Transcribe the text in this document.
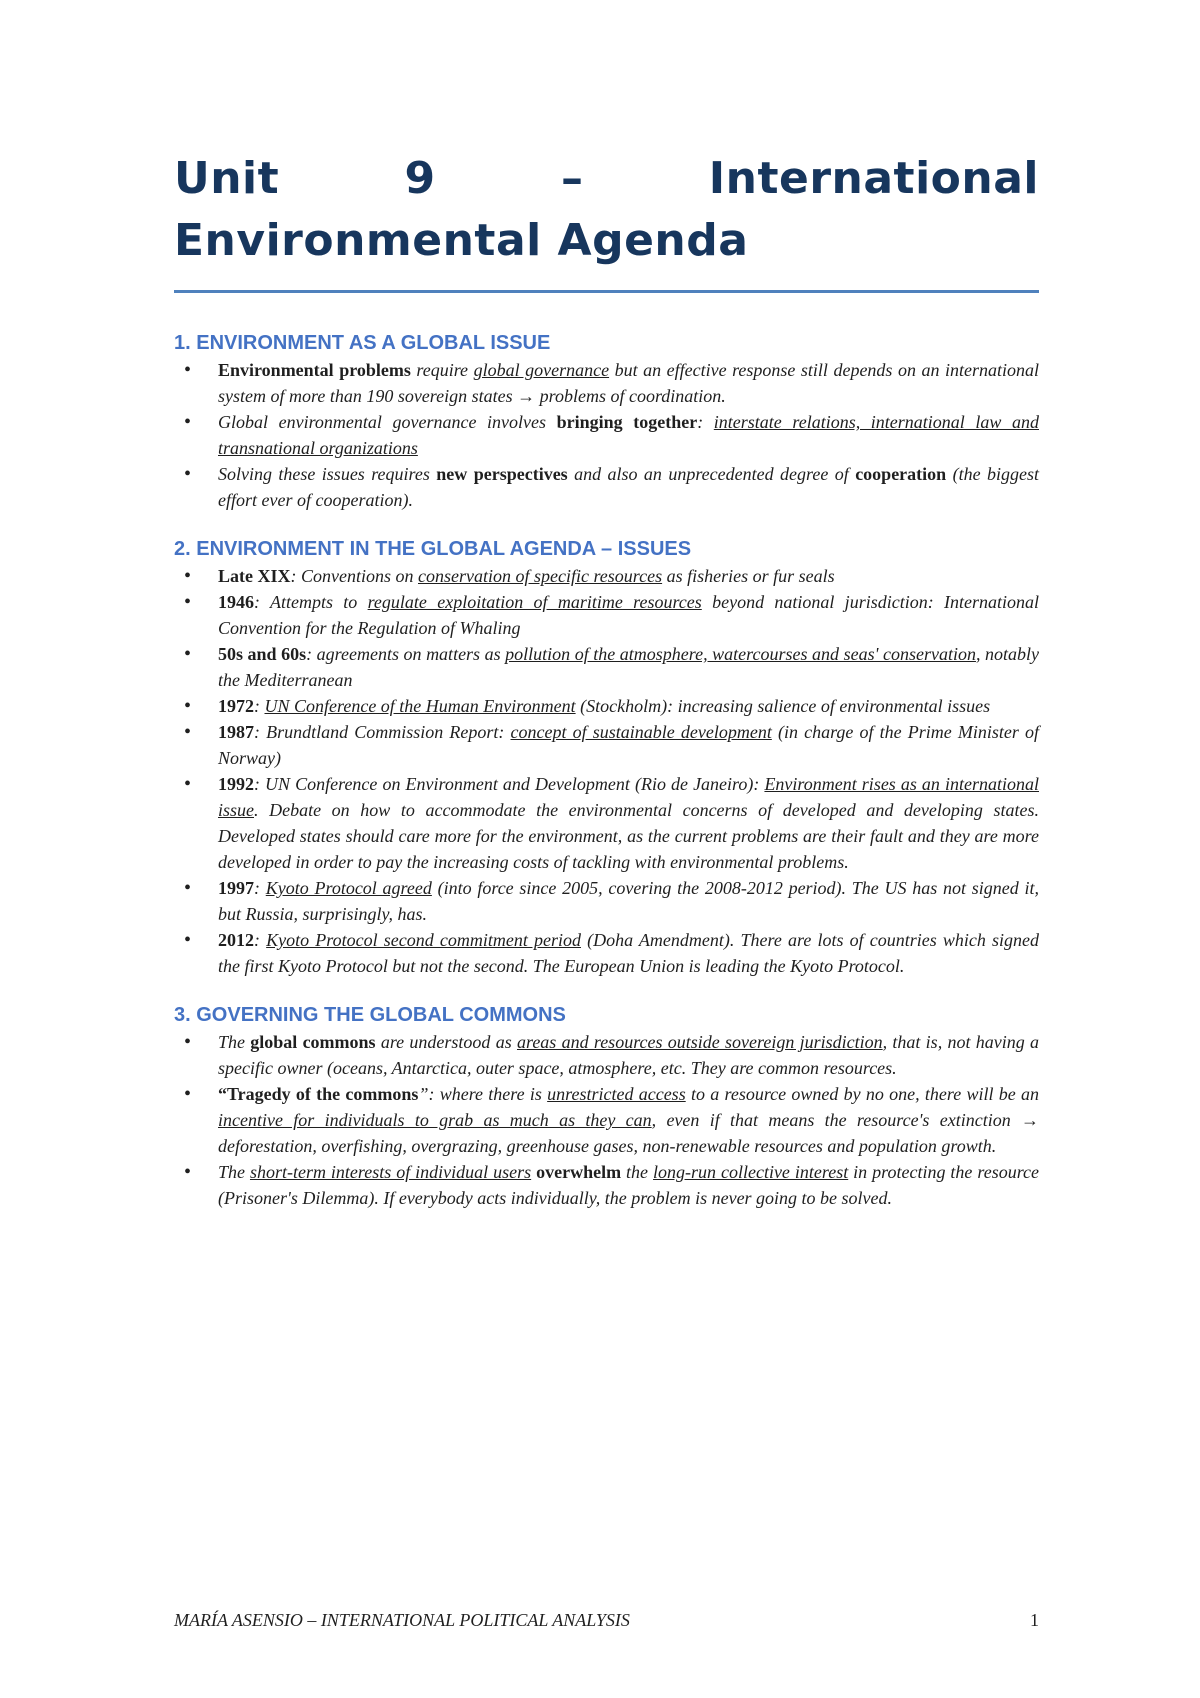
Unit 9 – International Environmental Agenda
1. ENVIRONMENT AS A GLOBAL ISSUE
• Environmental problems require global governance but an effective response still depends on an international system of more than 190 sovereign states → problems of coordination.
• Global environmental governance involves bringing together: interstate relations, international law and transnational organizations
• Solving these issues requires new perspectives and also an unprecedented degree of cooperation (the biggest effort ever of cooperation).
2. ENVIRONMENT IN THE GLOBAL AGENDA – ISSUES
• Late XIX: Conventions on conservation of specific resources as fisheries or fur seals
• 1946: Attempts to regulate exploitation of maritime resources beyond national jurisdiction: International Convention for the Regulation of Whaling
• 50s and 60s: agreements on matters as pollution of the atmosphere, watercourses and seas' conservation, notably the Mediterranean
• 1972: UN Conference of the Human Environment (Stockholm): increasing salience of environmental issues
• 1987: Brundtland Commission Report: concept of sustainable development (in charge of the Prime Minister of Norway)
• 1992: UN Conference on Environment and Development (Rio de Janeiro): Environment rises as an international issue. Debate on how to accommodate the environmental concerns of developed and developing states. Developed states should care more for the environment, as the current problems are their fault and they are more developed in order to pay the increasing costs of tackling with environmental problems.
• 1997: Kyoto Protocol agreed (into force since 2005, covering the 2008-2012 period). The US has not signed it, but Russia, surprisingly, has.
• 2012: Kyoto Protocol second commitment period (Doha Amendment). There are lots of countries which signed the first Kyoto Protocol but not the second. The European Union is leading the Kyoto Protocol.
3. GOVERNING THE GLOBAL COMMONS
• The global commons are understood as areas and resources outside sovereign jurisdiction, that is, not having a specific owner (oceans, Antarctica, outer space, atmosphere, etc. They are common resources.
• “Tragedy of the commons”: where there is unrestricted access to a resource owned by no one, there will be an incentive for individuals to grab as much as they can, even if that means the resource's extinction → deforestation, overfishing, overgrazing, greenhouse gases, non-renewable resources and population growth.
• The short-term interests of individual users overwhelm the long-run collective interest in protecting the resource (Prisoner's Dilemma). If everybody acts individually, the problem is never going to be solved.
MARÍA ASENSIO – INTERNATIONAL POLITICAL ANALYSIS	1
